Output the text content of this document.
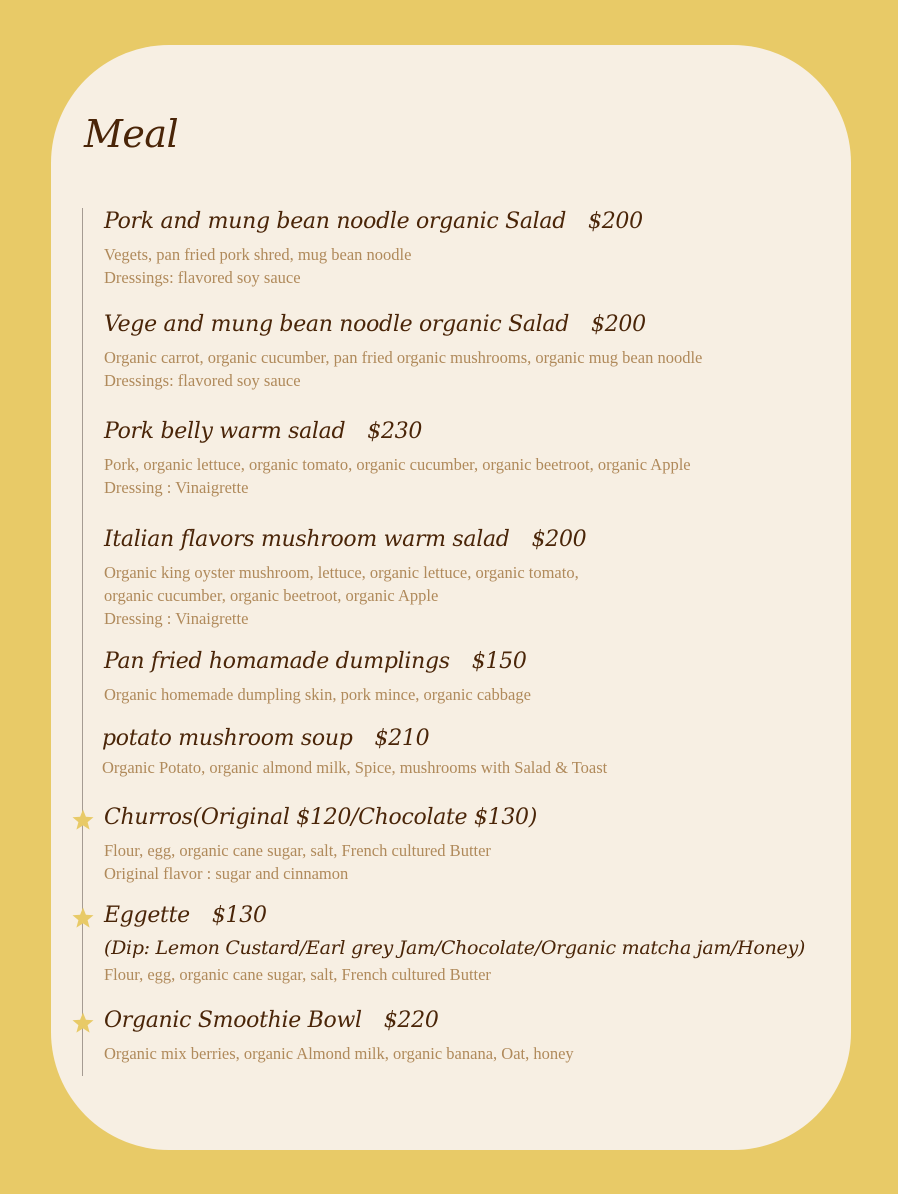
Meal
Pork and mung bean noodle organic Salad $200
Vegets, pan fried pork shred, mug bean noodle
Dressings: flavored soy sauce
Vege and mung bean noodle organic Salad $200
Organic carrot, organic cucumber, pan fried organic mushrooms, organic mug bean noodle
Dressings: flavored soy sauce
Pork belly warm salad $230
Pork, organic lettuce, organic tomato, organic cucumber, organic beetroot, organic Apple
Dressing : Vinaigrette
Italian flavors mushroom warm salad $200
Organic king oyster mushroom, lettuce, organic lettuce, organic tomato,
organic cucumber, organic beetroot, organic Apple
Dressing : Vinaigrette
Pan fried homamade dumplings $150
Organic homemade dumpling skin, pork mince, organic cabbage
potato mushroom soup $210
Organic Potato, organic almond milk, Spice, mushrooms with Salad & Toast
Churros(Original $120/Chocolate $130)
Flour, egg, organic cane sugar, salt, French cultured Butter
Original flavor : sugar and cinnamon
Eggette $130
(Dip: Lemon Custard/Earl grey Jam/Chocolate/Organic matcha jam/Honey)
Flour, egg, organic cane sugar, salt, French cultured Butter
Organic Smoothie Bowl $220
Organic mix berries, organic Almond milk, organic banana, Oat, honey
